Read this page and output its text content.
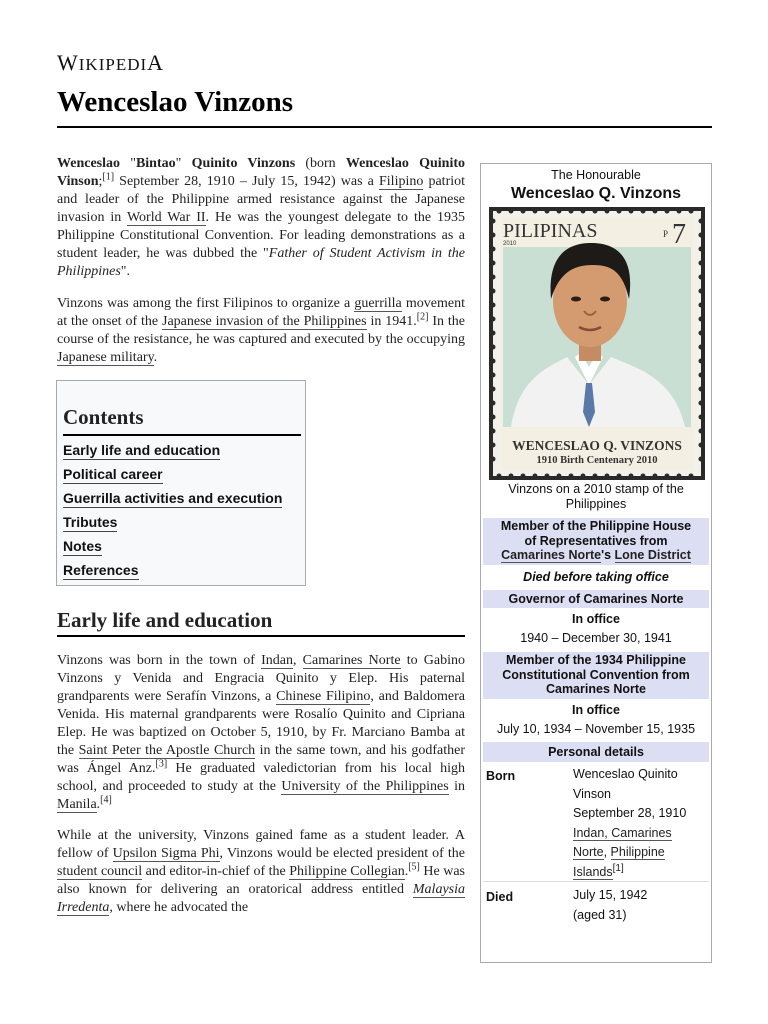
WIKIPEDIA
Wenceslao Vinzons

Wenceslao "Bintao" Quinito Vinzons (born Wenceslao Quinito Vinson;[1] September 28, 1910 – July 15, 1942) was a Filipino patriot and leader of the Philippine armed resistance against the Japanese invasion in World War II. He was the youngest delegate to the 1935 Philippine Constitutional Convention. For leading demonstrations as a student leader, he was dubbed the "Father of Student Activism in the Philippines".

Vinzons was among the first Filipinos to organize a guerrilla movement at the onset of the Japanese invasion of the Philippines in 1941.[2] In the course of the resistance, he was captured and executed by the occupying Japanese military.

Contents
Early life and education
Political career
Guerrilla activities and execution
Tributes
Notes
References
Early life and education

Vinzons was born in the town of Indan, Camarines Norte to Gabino Vinzons y Venida and Engracia Quinito y Elep. His paternal grandparents were Serafín Vinzons, a Chinese Filipino, and Baldomera Venida. His maternal grandparents were Rosalío Quinito and Cipriana Elep. He was baptized on October 5, 1910, by Fr. Marciano Bamba at the Saint Peter the Apostle Church in the same town, and his godfather was Ángel Anz.[3] He graduated valedictorian from his local high school, and proceeded to study at the University of the Philippines in Manila.[4]

While at the university, Vinzons gained fame as a student leader. A fellow of Upsilon Sigma Phi, Vinzons would be elected president of the student council and editor-in-chief of the Philippine Collegian.[5] He was also known for delivering an oratorical address entitled Malaysia Irredenta, where he advocated the

The Honourable
Wenceslao Q. Vinzons
PILIPINAS
2010
P 7
WENCESLAO Q. VINZONS
1910 Birth Centenary 2010
Vinzons on a 2010 stamp of the Philippines
Member of the Philippine House
of Representatives from
Camarines Norte's Lone District
Died before taking office
Governor of Camarines Norte
In office
1940 – December 30, 1941
Member of the 1934 Philippine
Constitutional Convention from
Camarines Norte
In office
July 10, 1934 – November 15, 1935
Personal details
Born	Wenceslao Quinito Vinson
September 28, 1910
Indan, Camarines Norte, Philippine Islands[1]
Died	July 15, 1942
(aged 31)
